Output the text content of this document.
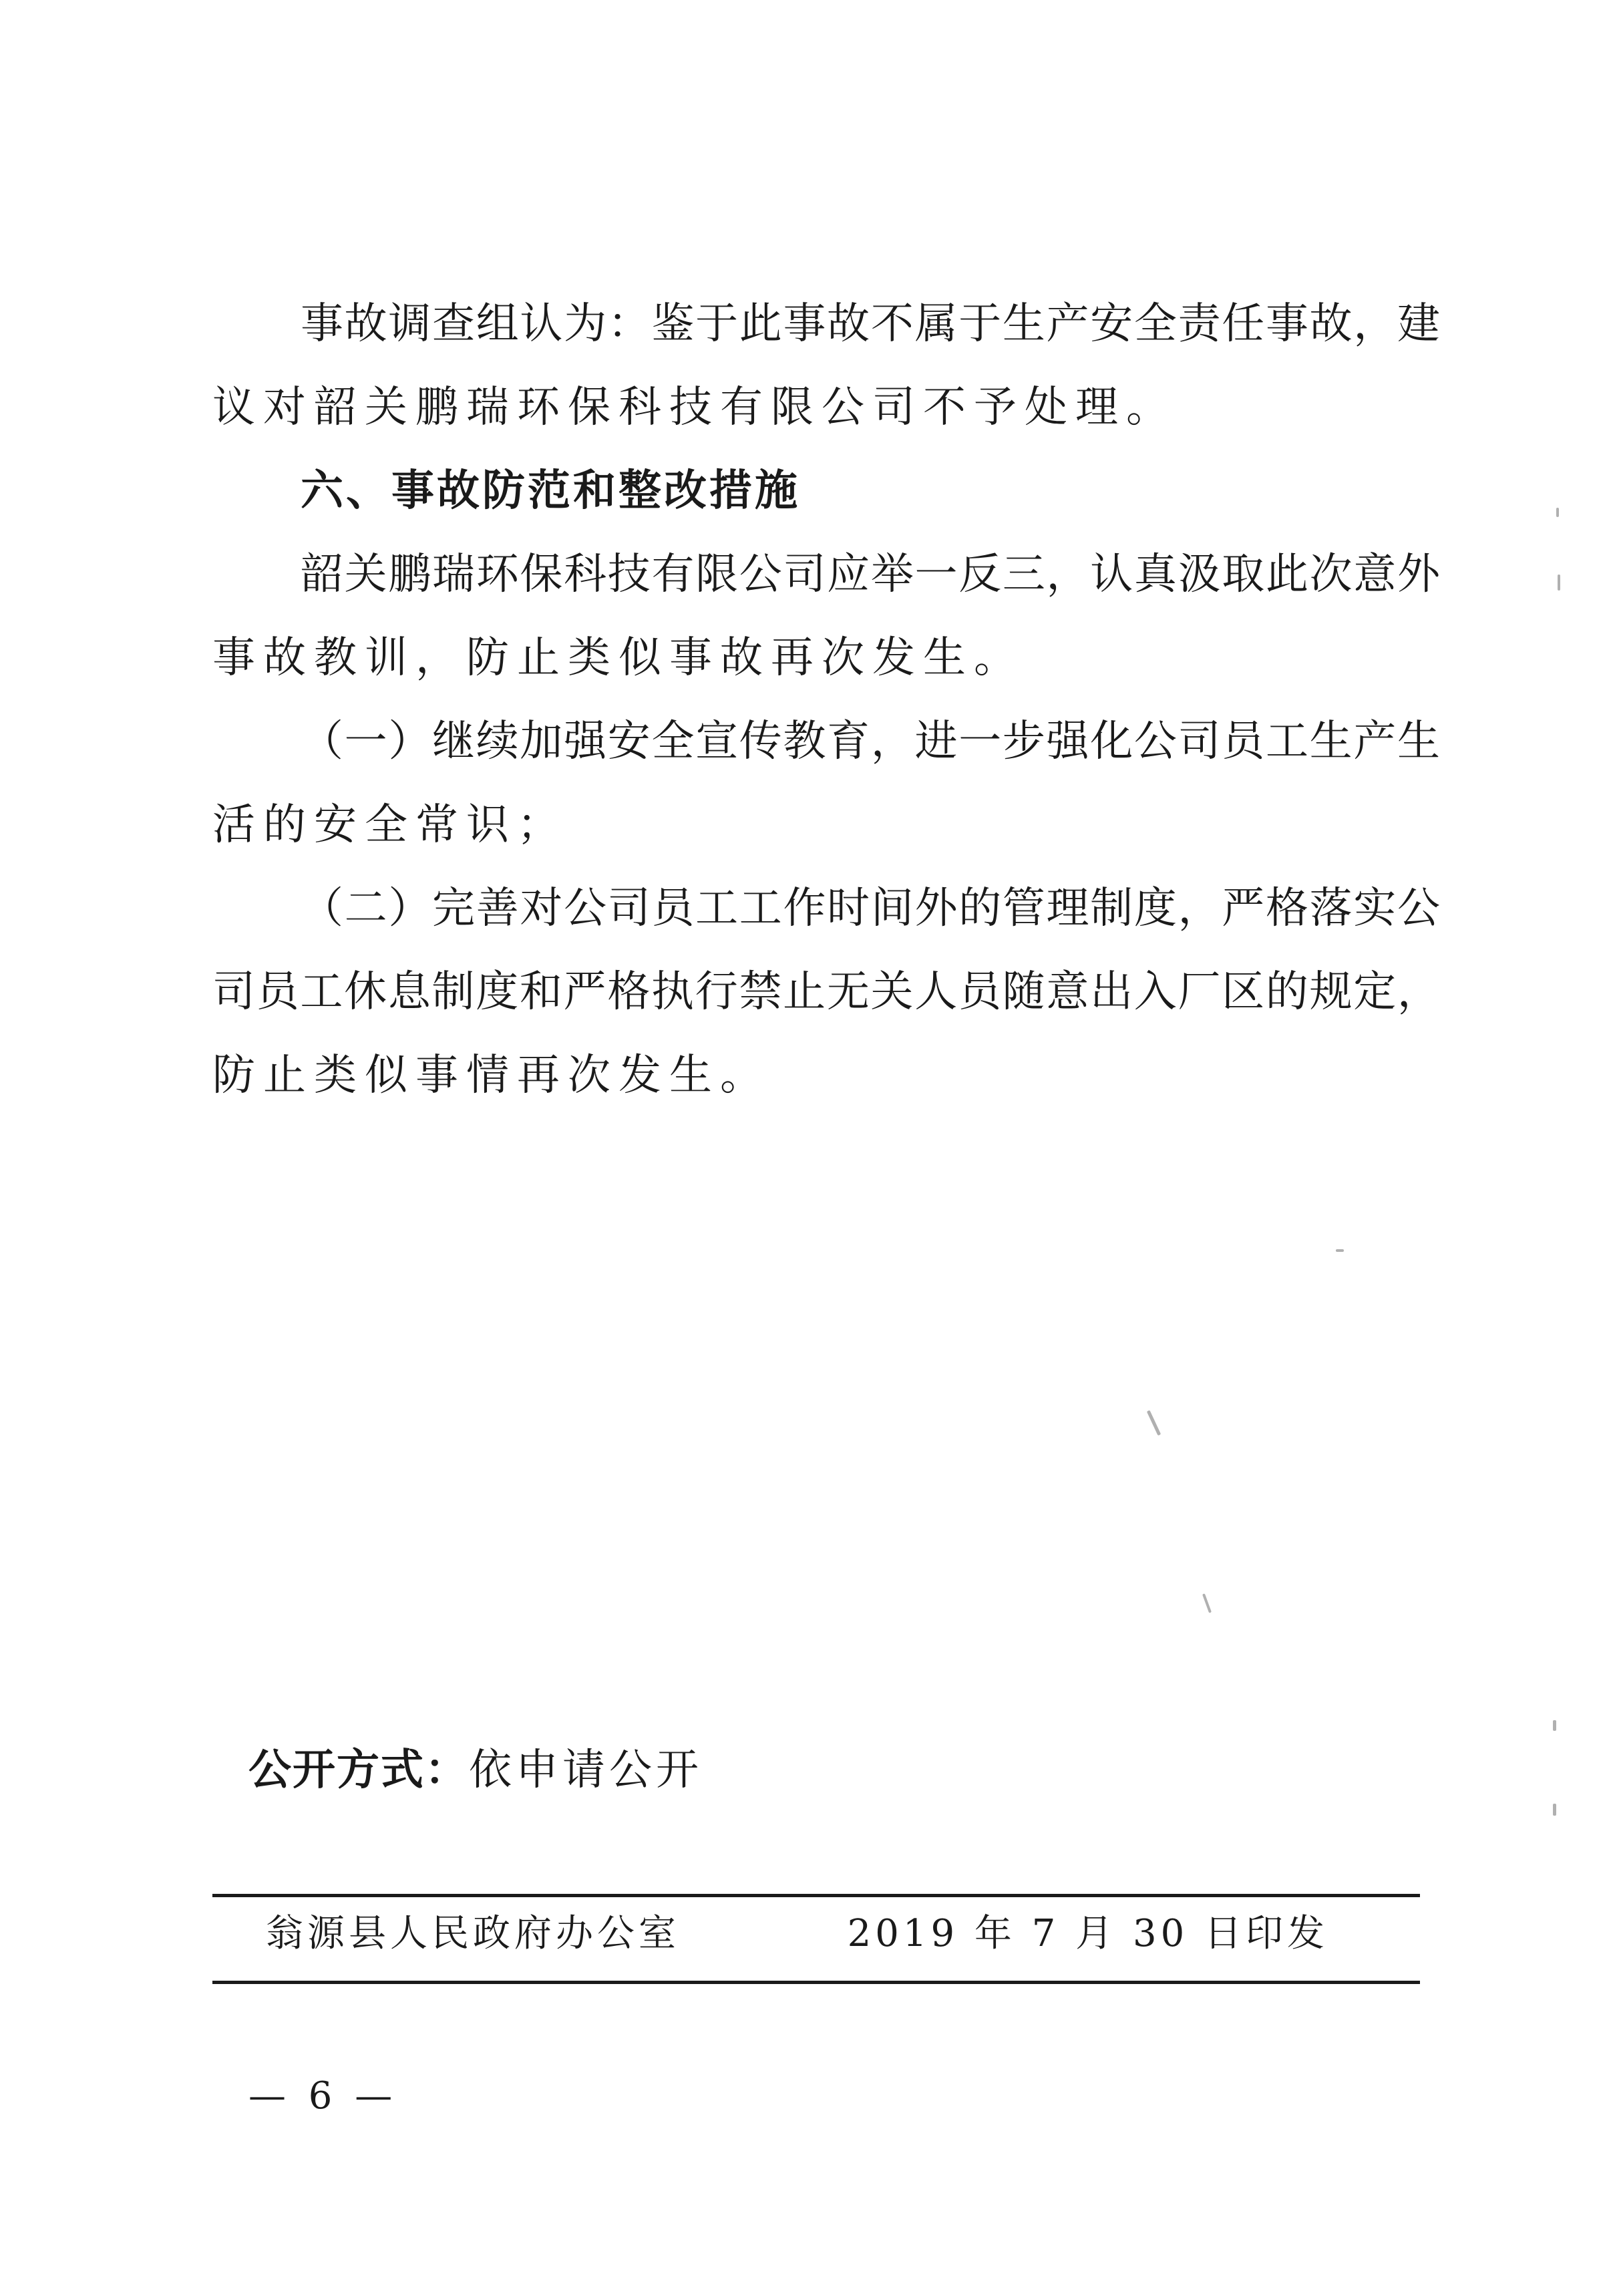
事故调查组认为：鉴于此事故不属于生产安全责任事故，建
议对韶关鹏瑞环保科技有限公司不予处理。
六、事故防范和整改措施
韶关鹏瑞环保科技有限公司应举一反三，认真汲取此次意外
事故教训，防止类似事故再次发生。
（一）继续加强安全宣传教育，进一步强化公司员工生产生
活的安全常识；
（二）完善对公司员工工作时间外的管理制度，严格落实公
司员工休息制度和严格执行禁止无关人员随意出入厂区的规定，
防止类似事情再次发生。
公开方式：依申请公开
翁源县人民政府办公室	2019 年 7 月 30 日印发
— 6 —
